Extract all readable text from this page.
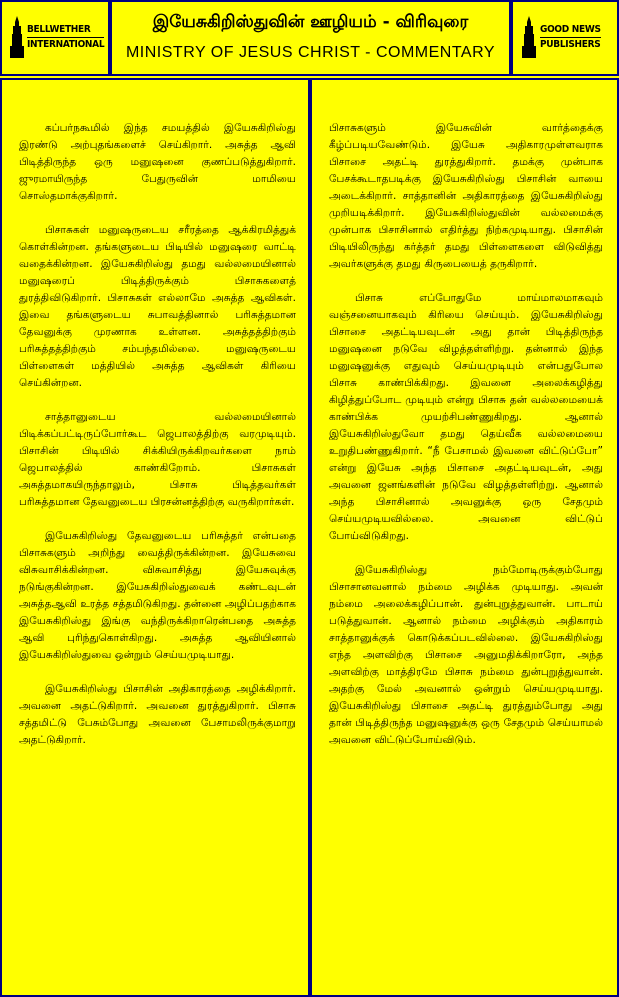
BELLWETHER
INTERNATIONAL
இயேசுகிறிஸ்துவின் ஊழியம் - விரிவுரை
MINISTRY OF JESUS CHRIST - COMMENTARY
GOOD NEWS
PUBLISHERS

கப்பர்நகூமில் இந்த சமயத்தில் இயேசுகிறிஸ்து இரண்டு அற்புதங்களைச் செய்கிறார். அசுத்த ஆவி பிடித்திருந்த ஒரு மனுஷனை குணப்படுத்துகிறார். ஜுரமாயிருந்த பேதுருவின் மாமியை சொஸ்தமாக்குகிறார்.

பிசாசுகள் மனுஷருடைய சரீரத்தை ஆக்கிரமித்துக் கொள்கின்றன. தங்களுடைய பிடியில் மனுஷரை வாட்டி வதைக்கின்றன. இயேசுகிறிஸ்து தமது வல்லமையினால் மனுஷரைப் பிடித்திருக்கும் பிசாசுகளைத் துரத்திவிடுகிறார். பிசாசுகள் எல்லாமே அசுத்த ஆவிகள். இவை தங்களுடைய சுபாவத்தினால் பரிசுத்தமான தேவனுக்கு முரணாக உள்ளன. அசுத்தத்திற்கும் பரிசுத்தத்திற்கும் சம்பந்தமில்லை. மனுஷருடைய பிள்ளைகள் மத்தியில் அசுத்த ஆவிகள் கிரியை செய்கின்றன.

சாத்தானுடைய வல்லமையினால் பிடிக்கப்பட்டிருப்போர்கூட ஜெபாலத்திற்கு வரமுடியும். பிசாசின் பிடியில் சிக்கியிருக்கிறவர்களை நாம் ஜெபாலத்தில் காண்கிறோம். பிசாசுகள் அசுத்தமாகயிருந்தாலும், பிசாசு பிடித்தவர்கள் பரிசுத்தமான தேவனுடைய பிரசன்னத்திற்கு வருகிறார்கள்.

இயேசுகிறிஸ்து தேவனுடைய பரிசுத்தர் என்பதை பிசாசுகளும் அறிந்து வைத்திருக்கின்றன. இயேசுவை விசுவாசிக்கின்றன. விசுவாசித்து இயேசுவுக்கு நடுங்குகின்றன. இயேசுகிறிஸ்துவைக் கண்டவுடன் அசுத்தஆவி உரத்த சத்தமிடுகிறது. தன்னை அழிப்பதற்காக இயேசுகிறிஸ்து இங்கு வந்திருக்கிறாரென்பதை அசுத்த ஆவி புரிந்துகொள்கிறது. அசுத்த ஆவியினால் இயேசுகிறிஸ்துவை ஒன்றும் செய்யமுடியாது.

இயேசுகிறிஸ்து பிசாசின் அதிகாரத்தை அழிக்கிறார். அவனை அதட்டுகிறார். அவனை துரத்துகிறார். பிசாசு சத்தமிட்டு பேசும்போது அவனை பேசாமலிருக்குமாறு அதட்டுகிறார்.

பிசாசுகளும் இயேசுவின் வார்த்தைக்கு கீழ்ப்படியவேண்டும். இயேசு அதிகாரமுள்ளவராக பிசாசை அதட்டி துரத்துகிறார். தமக்கு முன்பாக பேசக்கூடாதபடிக்கு இயேசுகிறிஸ்து பிசாசின் வாயை அடைக்கிறார். சாத்தானின் அதிகாரத்தை இயேசுகிறிஸ்து முறியடிக்கிறார். இயேசுகிறிஸ்துவின் வல்லமைக்கு முன்பாக பிசாசினால் எதிர்த்து நிற்கமுடியாது. பிசாசின் பிடியிலிருந்து கர்த்தர் தமது பிள்ளைகளை விடுவித்து அவர்களுக்கு தமது கிருபையைத் தருகிறார்.

பிசாசு எப்போதுமே மாய்மாலமாகவும் வஞ்சனையாகவும் கிரியை செய்யும். இயேசுகிறிஸ்து பிசாசை அதட்டியவுடன் அது தான் பிடித்திருந்த மனுஷனை நடுவே விழத்தள்ளிற்று. தன்னால் இந்த மனுஷனுக்கு எதுவும் செய்யமுடியும் என்பதுபோல பிசாசு காண்பிக்கிறது. இவனை அலைக்கழித்து கிழித்துப்போட முடியும் என்று பிசாசு தன் வல்லமையைக் காண்பிக்க முயற்சிபண்ணுகிறது. ஆனால் இயேசுகிறிஸ்துவோ தமது தெய்வீக வல்லமையை உறுதிபண்ணுகிறார். “நீ பேசாமல் இவனை விட்டுப்போ” என்று இயேசு அந்த பிசாசை அதட்டியவுடன், அது அவனை ஜனங்களின் நடுவே விழத்தள்ளிற்று. ஆனால் அந்த பிசாசினால் அவனுக்கு ஒரு சேதமும் செய்யமுடியவில்லை. அவனை விட்டுப் போய்விடுகிறது.

இயேசுகிறிஸ்து நம்மோடிருக்கும்போது பிசாசானவனால் நம்மை அழிக்க முடியாது. அவன் நம்மை அலைக்கழிப்பான். துன்புறுத்துவான். பாடாய் படுத்துவான். ஆனால் நம்மை அழிக்கும் அதிகாரம் சாத்தானுக்குக் கொடுக்கப்படவில்லை. இயேசுகிறிஸ்து எந்த அளவிற்கு பிசாசை அனுமதிக்கிறாரோ, அந்த அளவிற்கு மாத்திரமே பிசாசு நம்மை துன்புறுத்துவான். அதற்கு மேல் அவனால் ஒன்றும் செய்யமுடியாது. இயேசுகிறிஸ்து பிசாசை அதட்டி துரத்தும்போது அது தான் பிடித்திருந்த மனுஷனுக்கு ஒரு சேதமும் செய்யாமல் அவனை விட்டுப்போய்விடும்.
